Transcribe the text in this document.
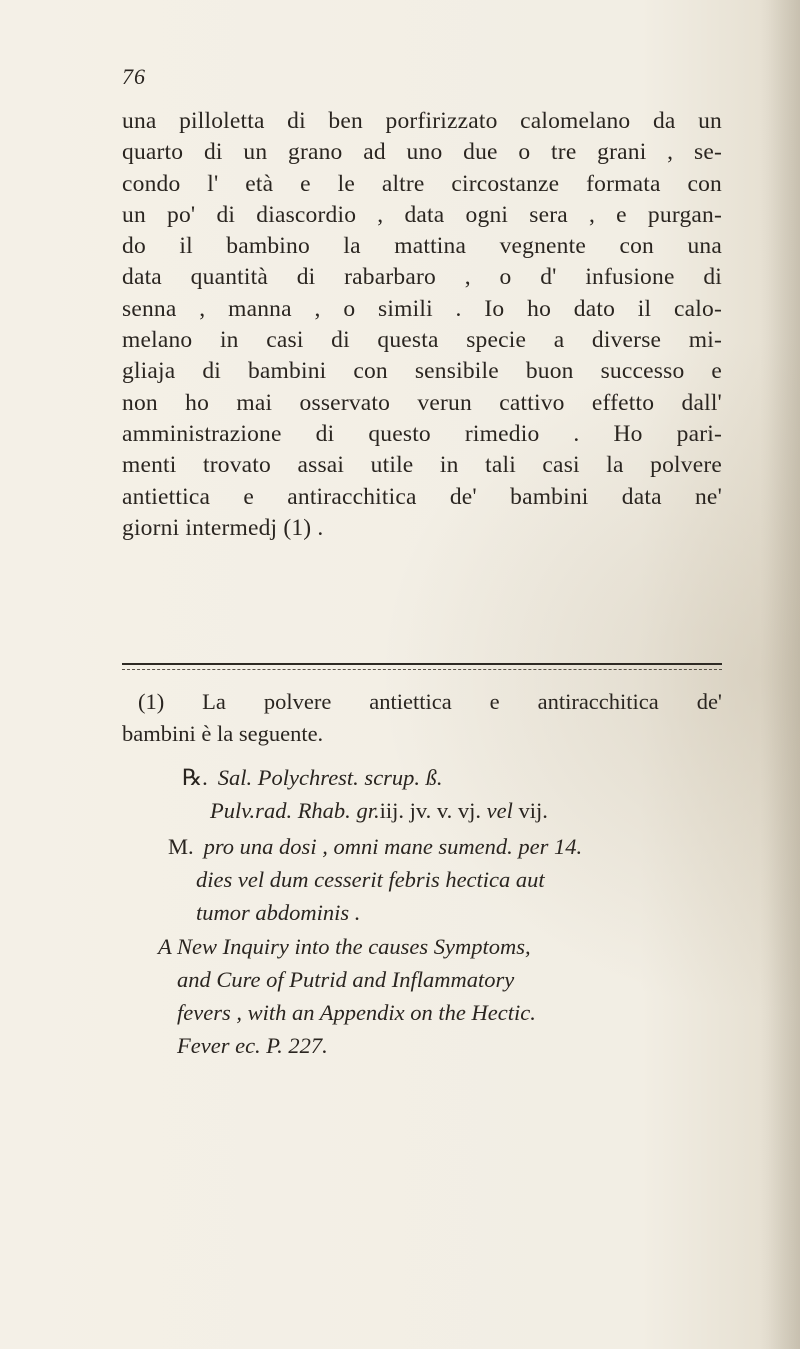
76
una pilloletta di ben porfirizzato calomelano da un
quarto di un grano ad uno due o tre grani , se-
condo l' età e le altre circostanze formata con
un po' di diascordio , data ogni sera , e purgan-
do il bambino la mattina vegnente con una
data quantità di rabarbaro , o d' infusione di
senna , manna , o simili . Io ho dato il calo-
melano in casi di questa specie a diverse mi-
gliaja di bambini con sensibile buon successo e
non ho mai osservato verun cattivo effetto dall'
amministrazione di questo rimedio . Ho pari-
menti trovato assai utile in tali casi la polvere
antiettica e antiracchitica de' bambini data ne'
giorni intermedj (1) .
(1) La polvere antiettica e antiracchitica de'
bambini è la seguente.
℞. Sal. Polychrest. scrup. ß.
Pulv.rad. Rhab. gr.iij. jv. v. vj. vel vij.
M. pro una dosi , omni mane sumend. per 14.
dies vel dum cesserit febris hectica aut
tumor abdominis .
A New Inquiry into the causes Symptoms,
and Cure of Putrid and Inflammatory
fevers , with an Appendix on the Hectic.
Fever ec. P. 227.
